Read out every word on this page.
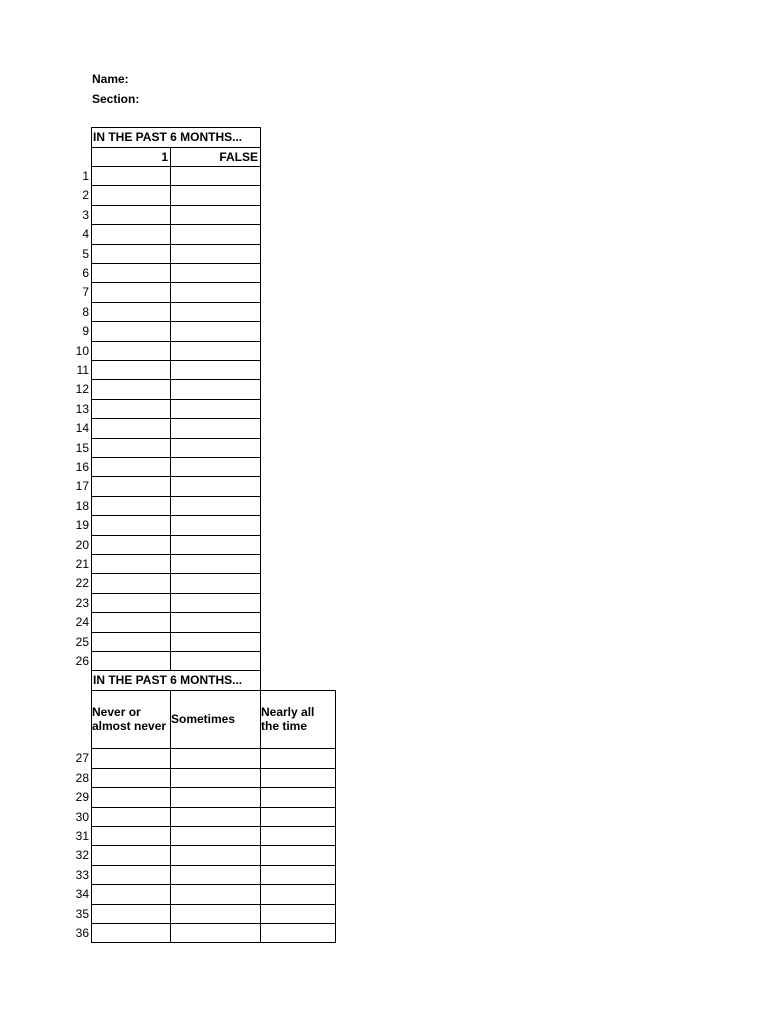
Name:
Section:
IN THE PAST 6 MONTHS...
1	FALSE
1
2
3
4
5
6
7
8
9
10
11
12
13
14
15
16
17
18
19
20
21
22
23
24
25
26
IN THE PAST 6 MONTHS...
Never or almost never Sometimes	Nearly all the time
27
28
29
30
31
32
33
34
35
36
